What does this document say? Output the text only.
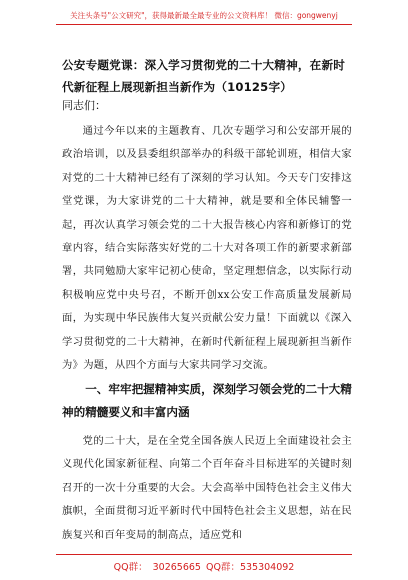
关注头条号"公文研究"，获得最新最全最专业的公文资料库！ 微信：gongwenyj
公安专题党课：深入学习贯彻党的二十大精神，在新时代新征程上展现新担当新作为（10125字）
同志们：
通过今年以来的主题教育、几次专题学习和公安部开展的政治培训，以及县委组织部举办的科级干部轮训班，相信大家对党的二十大精神已经有了深刻的学习认知。今天专门安排这堂党课，为大家讲党的二十大精神，就是要和全体民辅警一起，再次认真学习领会党的二十大报告核心内容和新修订的党章内容，结合实际落实好党的二十大对各项工作的新要求新部署，共同勉励大家牢记初心使命，坚定理想信念，以实际行动积极响应党中央号召，不断开创xx公安工作高质量发展新局面，为实现中华民族伟大复兴贡献公安力量！下面就以《深入学习贯彻党的二十大精神，在新时代新征程上展现新担当新作为》为题，从四个方面与大家共同学习交流。
一、牢牢把握精神实质，深刻学习领会党的二十大精神的精髓要义和丰富内涵
党的二十大，是在全党全国各族人民迈上全面建设社会主义现代化国家新征程、向第二个百年奋斗目标进军的关键时刻召开的一次十分重要的大会。大会高举中国特色社会主义伟大旗帜，全面贯彻习近平新时代中国特色社会主义思想，站在民族复兴和百年变局的制高点，适应党和
QQ群： 30265665 QQ群：535304092
